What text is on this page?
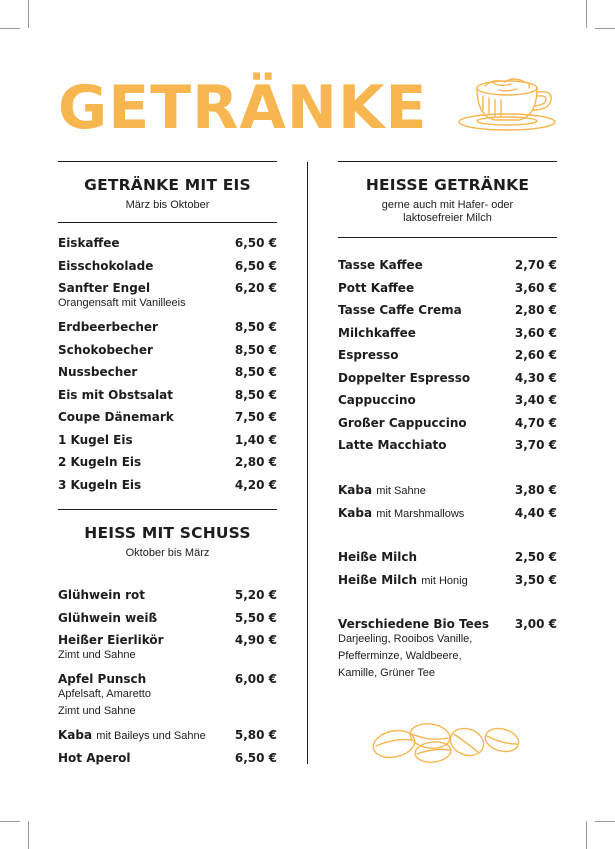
GETRÄNKE
GETRÄNKE MIT EIS
März bis Oktober
Eiskaffee	6,50 €
Eisschokolade	6,50 €
Sanfter Engel	6,20 €
Orangensaft mit Vanilleeis
Erdbeerbecher	8,50 €
Schokobecher	8,50 €
Nussbecher	8,50 €
Eis mit Obstsalat	8,50 €
Coupe Dänemark	7,50 €
1 Kugel Eis	1,40 €
2 Kugeln Eis	2,80 €
3 Kugeln Eis	4,20 €
HEISS MIT SCHUSS
Oktober bis März
Glühwein rot	5,20 €
Glühwein weiß	5,50 €
Heißer Eierlikör	4,90 €
Zimt und Sahne
Apfel Punsch	6,00 €
Apfelsaft, Amaretto
Zimt und Sahne
Kaba mit Baileys und Sahne	5,80 €
Hot Aperol	6,50 €
HEISSE GETRÄNKE
gerne auch mit Hafer- oder
laktosefreier Milch
Tasse Kaffee	2,70 €
Pott Kaffee	3,60 €
Tasse Caffe Crema	2,80 €
Milchkaffee	3,60 €
Espresso	2,60 €
Doppelter Espresso	4,30 €
Cappuccino	3,40 €
Großer Cappuccino	4,70 €
Latte Macchiato	3,70 €
Kaba mit Sahne	3,80 €
Kaba mit Marshmallows	4,40 €
Heiße Milch	2,50 €
Heiße Milch mit Honig	3,50 €
Verschiedene Bio Tees	3,00 €
Darjeeling, Rooibos Vanille,
Pfefferminze, Waldbeere,
Kamille, Grüner Tee
